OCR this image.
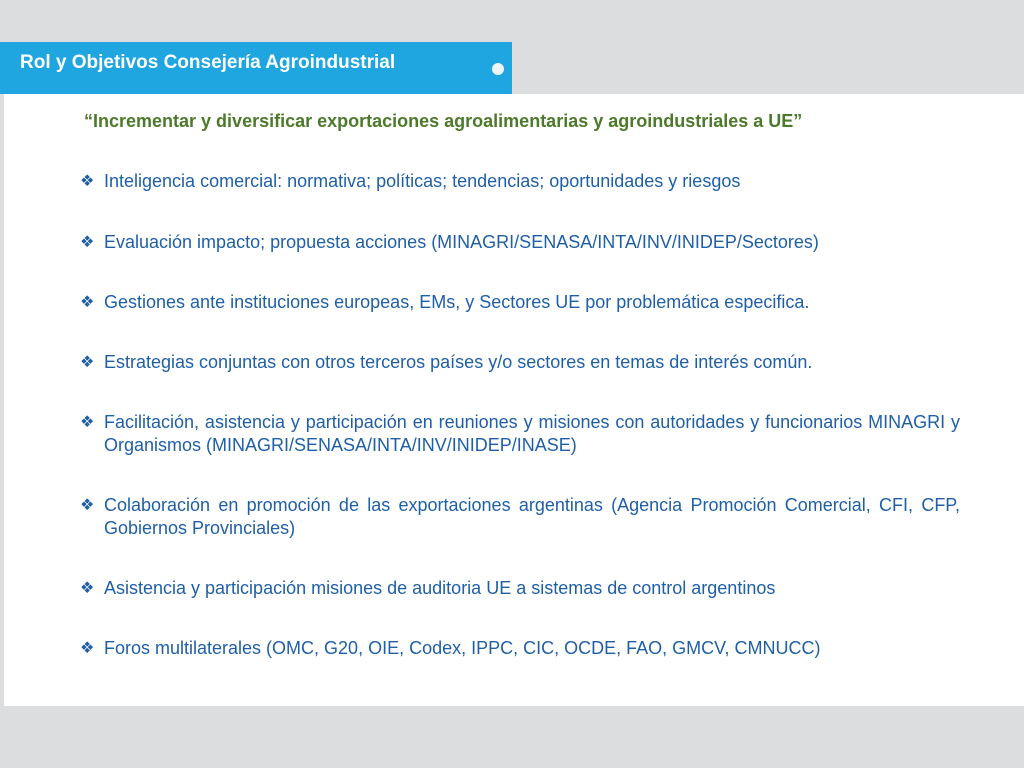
Rol y Objetivos Consejería Agroindustrial
“Incrementar y diversificar exportaciones agroalimentarias y agroindustriales a UE”
❖ Inteligencia comercial: normativa; políticas; tendencias; oportunidades y riesgos
❖ Evaluación impacto; propuesta acciones (MINAGRI/SENASA/INTA/INV/INIDEP/Sectores)
❖ Gestiones ante instituciones europeas, EMs, y Sectores UE por problemática especifica.
❖ Estrategias conjuntas con otros terceros países y/o sectores en temas de interés común.
❖ Facilitación, asistencia y participación en reuniones y misiones con autoridades y funcionarios MINAGRI y Organismos (MINAGRI/SENASA/INTA/INV/INIDEP/INASE)
❖ Colaboración en promoción de las exportaciones argentinas (Agencia Promoción Comercial, CFI, CFP, Gobiernos Provinciales)
❖ Asistencia y participación misiones de auditoria UE a sistemas de control argentinos
❖ Foros multilaterales (OMC, G20, OIE, Codex, IPPC, CIC, OCDE, FAO, GMCV, CMNUCC)
